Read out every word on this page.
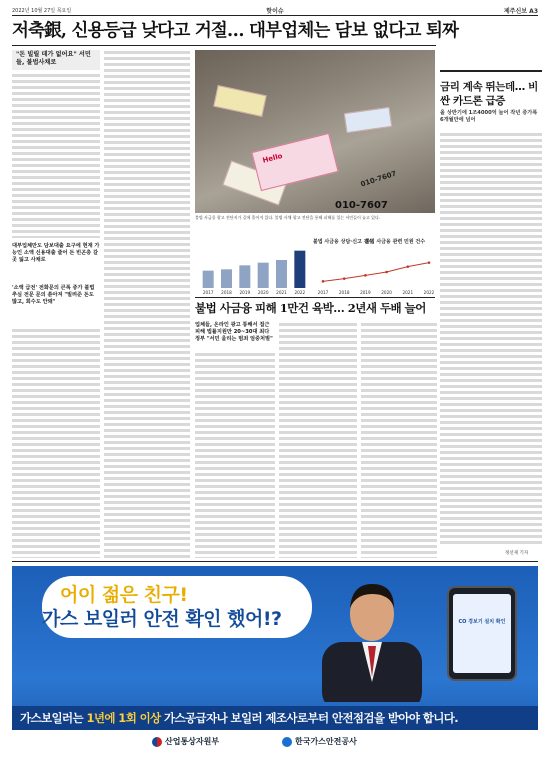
2022년 10월 27일 목요일	핫이슈	제주신보 A3
저축銀, 신용등급 낮다고 거절… 대부업체는 담보 없다고 퇴짜
"돈 빌릴 데가 없어요" 서민들, 불법사채로
대부업체만도 담보대출 요구에 현재 가능인 소액 신용대출 줄어 돈 빈곤층 갈 곳 잃고 사채로
'소액 급전' 전화문의 큰폭 증가 불법 추심 전문 문의 쏟아져 "빌려준 돈도 많고, 회수도 안돼"
Hello
010-7607
010-7607
불법 사금융 광고 전단지가 길에 흩어져 있다. 불법 사채 광고 전단을 통해 피해를 입는 서민들이 늘고 있다.
불법 사금융 상담·신고 건수
불법 사금융 관련 민원 건수
2017 2018 2019 2020 2021 2022	2017	2018	2019	2020	2021	2022
불법 사금융 피해 1만건 육박… 2년새 두배 늘어
업체들, 온라인 광고 통해서 접근 피해 법률지원만 20~30대 최다 정부 "서민 울리는 범죄 엄중처벌"
금리 계속 뛰는데… 비싼 카드론 급증
올 상반기에 1조4000억 늘어 작년 증가폭 6개월만에 넘어
정선제 기자
어이 젊은 친구!
가스 보일러 안전 확인 했어!?	CO 경보기 설치 확인
가스보일러는 1년에 1회 이상 가스공급자나 보일러 제조사로부터 안전점검을 받아야 합니다.
산업통상자원부	한국가스안전공사
